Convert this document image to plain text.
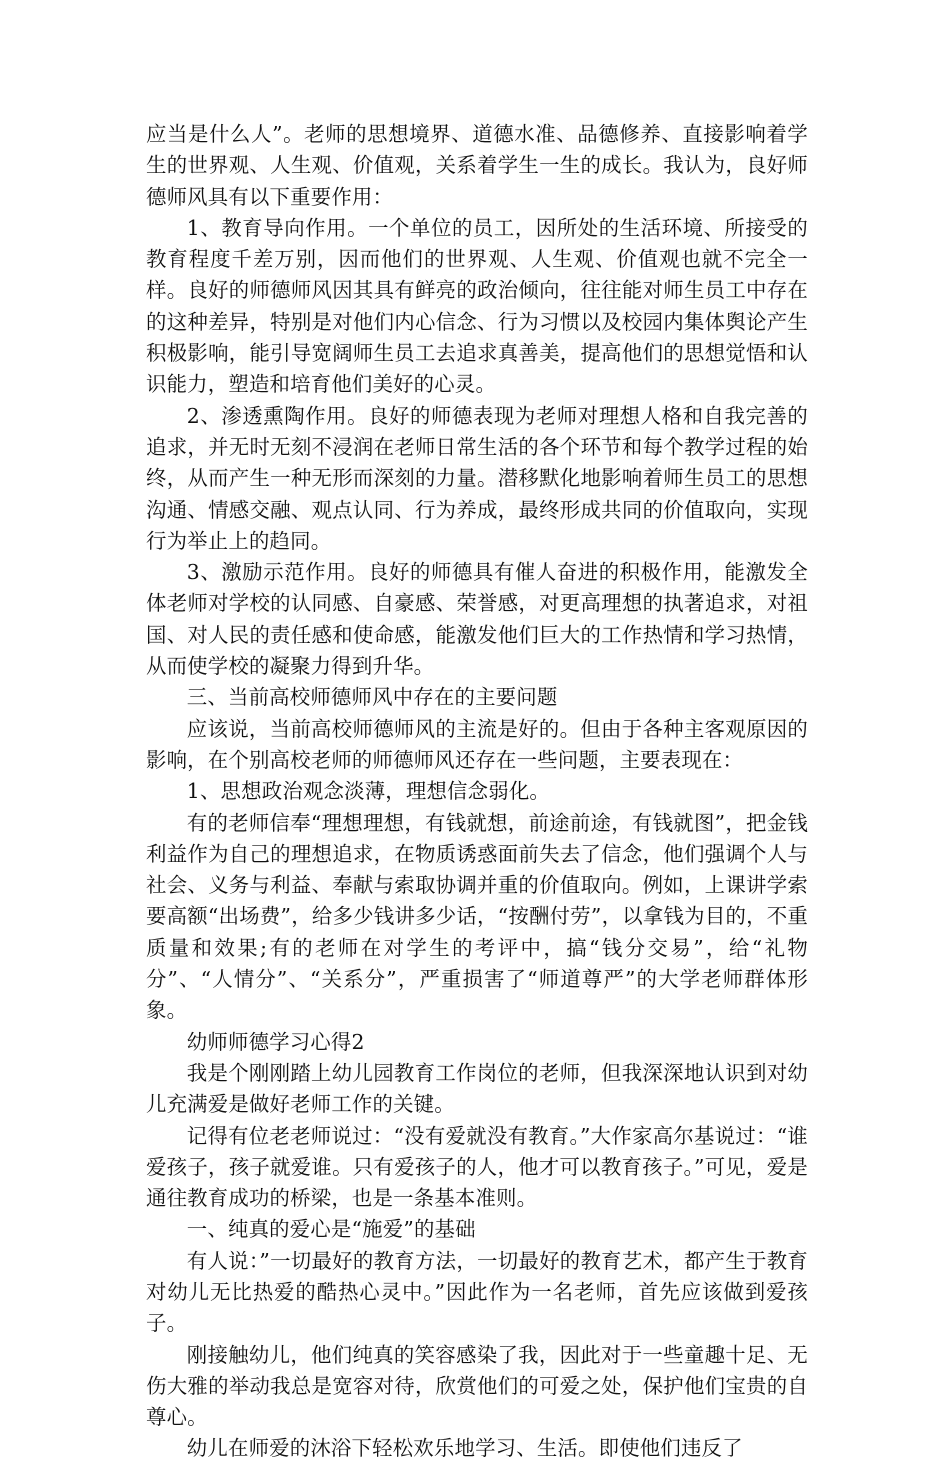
应当是什么人”。老师的思想境界、道德水准、品德修养、直接影响着学生的世界观、人生观、价值观，关系着学生一生的成长。我认为，良好师德师风具有以下重要作用：

1、教育导向作用。一个单位的员工，因所处的生活环境、所接受的教育程度千差万别，因而他们的世界观、人生观、价值观也就不完全一样。良好的师德师风因其具有鲜亮的政治倾向，往往能对师生员工中存在的这种差异，特别是对他们内心信念、行为习惯以及校园内集体舆论产生积极影响，能引导宽阔师生员工去追求真善美，提高他们的思想觉悟和认识能力，塑造和培育他们美好的心灵。

2、渗透熏陶作用。良好的师德表现为老师对理想人格和自我完善的追求，并无时无刻不浸润在老师日常生活的各个环节和每个教学过程的始终，从而产生一种无形而深刻的力量。潜移默化地影响着师生员工的思想沟通、情感交融、观点认同、行为养成，最终形成共同的价值取向，实现行为举止上的趋同。

3、激励示范作用。良好的师德具有催人奋进的积极作用，能激发全体老师对学校的认同感、自豪感、荣誉感，对更高理想的执著追求，对祖国、对人民的责任感和使命感，能激发他们巨大的工作热情和学习热情，从而使学校的凝聚力得到升华。

三、当前高校师德师风中存在的主要问题

应该说，当前高校师德师风的主流是好的。但由于各种主客观原因的影响，在个别高校老师的师德师风还存在一些问题，主要表现在：

1、思想政治观念淡薄，理想信念弱化。

有的老师信奉“理想理想，有钱就想，前途前途，有钱就图”，把金钱利益作为自己的理想追求，在物质诱惑面前失去了信念，他们强调个人与社会、义务与利益、奉献与索取协调并重的价值取向。例如，上课讲学索要高额“出场费”，给多少钱讲多少话，“按酬付劳”，以拿钱为目的，不重质量和效果;有的老师在对学生的考评中，搞“钱分交易”，给“礼物分”、“人情分”、“关系分”，严重损害了“师道尊严”的大学老师群体形象。

幼师师德学习心得2

我是个刚刚踏上幼儿园教育工作岗位的老师，但我深深地认识到对幼儿充满爱是做好老师工作的关键。

记得有位老老师说过：“没有爱就没有教育。”大作家高尔基说过：“谁爱孩子，孩子就爱谁。只有爱孩子的人，他才可以教育孩子。”可见，爱是通往教育成功的桥梁，也是一条基本准则。

一、纯真的爱心是“施爱”的基础

有人说：”一切最好的教育方法，一切最好的教育艺术，都产生于教育对幼儿无比热爱的酷热心灵中。”因此作为一名老师，首先应该做到爱孩子。

刚接触幼儿，他们纯真的笑容感染了我，因此对于一些童趣十足、无伤大雅的举动我总是宽容对待，欣赏他们的可爱之处，保护他们宝贵的自尊心。

幼儿在师爱的沐浴下轻松欢乐地学习、生活。即使他们违反了
